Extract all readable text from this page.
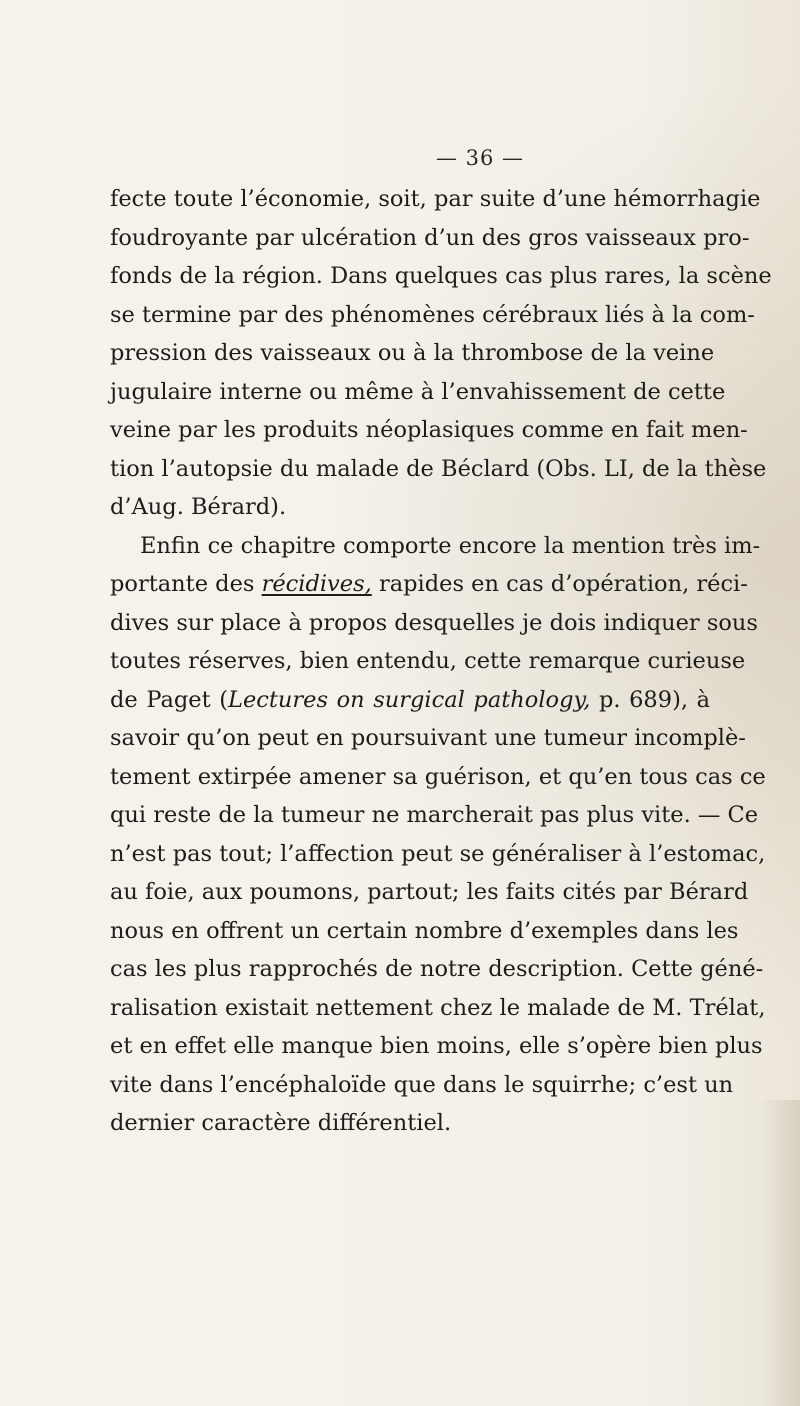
— 36 —
fecte toute l’économie, soit, par suite d’une hémorrhagie
foudroyante par ulcération d’un des gros vaisseaux pro-
fonds de la région. Dans quelques cas plus rares, la scène
se termine par des phénomènes cérébraux liés à la com-
pression des vaisseaux ou à la thrombose de la veine
jugulaire interne ou même à l’envahissement de cette
veine par les produits néoplasiques comme en fait men-
tion l’autopsie du malade de Béclard (Obs. LI, de la thèse
d’Aug. Bérard).
Enfin ce chapitre comporte encore la mention très im-
portante des récidives, rapides en cas d’opération, réci-
dives sur place à propos desquelles je dois indiquer sous
toutes réserves, bien entendu, cette remarque curieuse
de Paget (Lectures on surgical pathology, p. 689), à
savoir qu’on peut en poursuivant une tumeur incomplè-
tement extirpée amener sa guérison, et qu’en tous cas ce
qui reste de la tumeur ne marcherait pas plus vite. — Ce
n’est pas tout; l’affection peut se généraliser à l’estomac,
au foie, aux poumons, partout; les faits cités par Bérard
nous en offrent un certain nombre d’exemples dans les
cas les plus rapprochés de notre description. Cette géné-
ralisation existait nettement chez le malade de M. Trélat,
et en effet elle manque bien moins, elle s’opère bien plus
vite dans l’encéphaloïde que dans le squirrhe; c’est un
dernier caractère différentiel.
